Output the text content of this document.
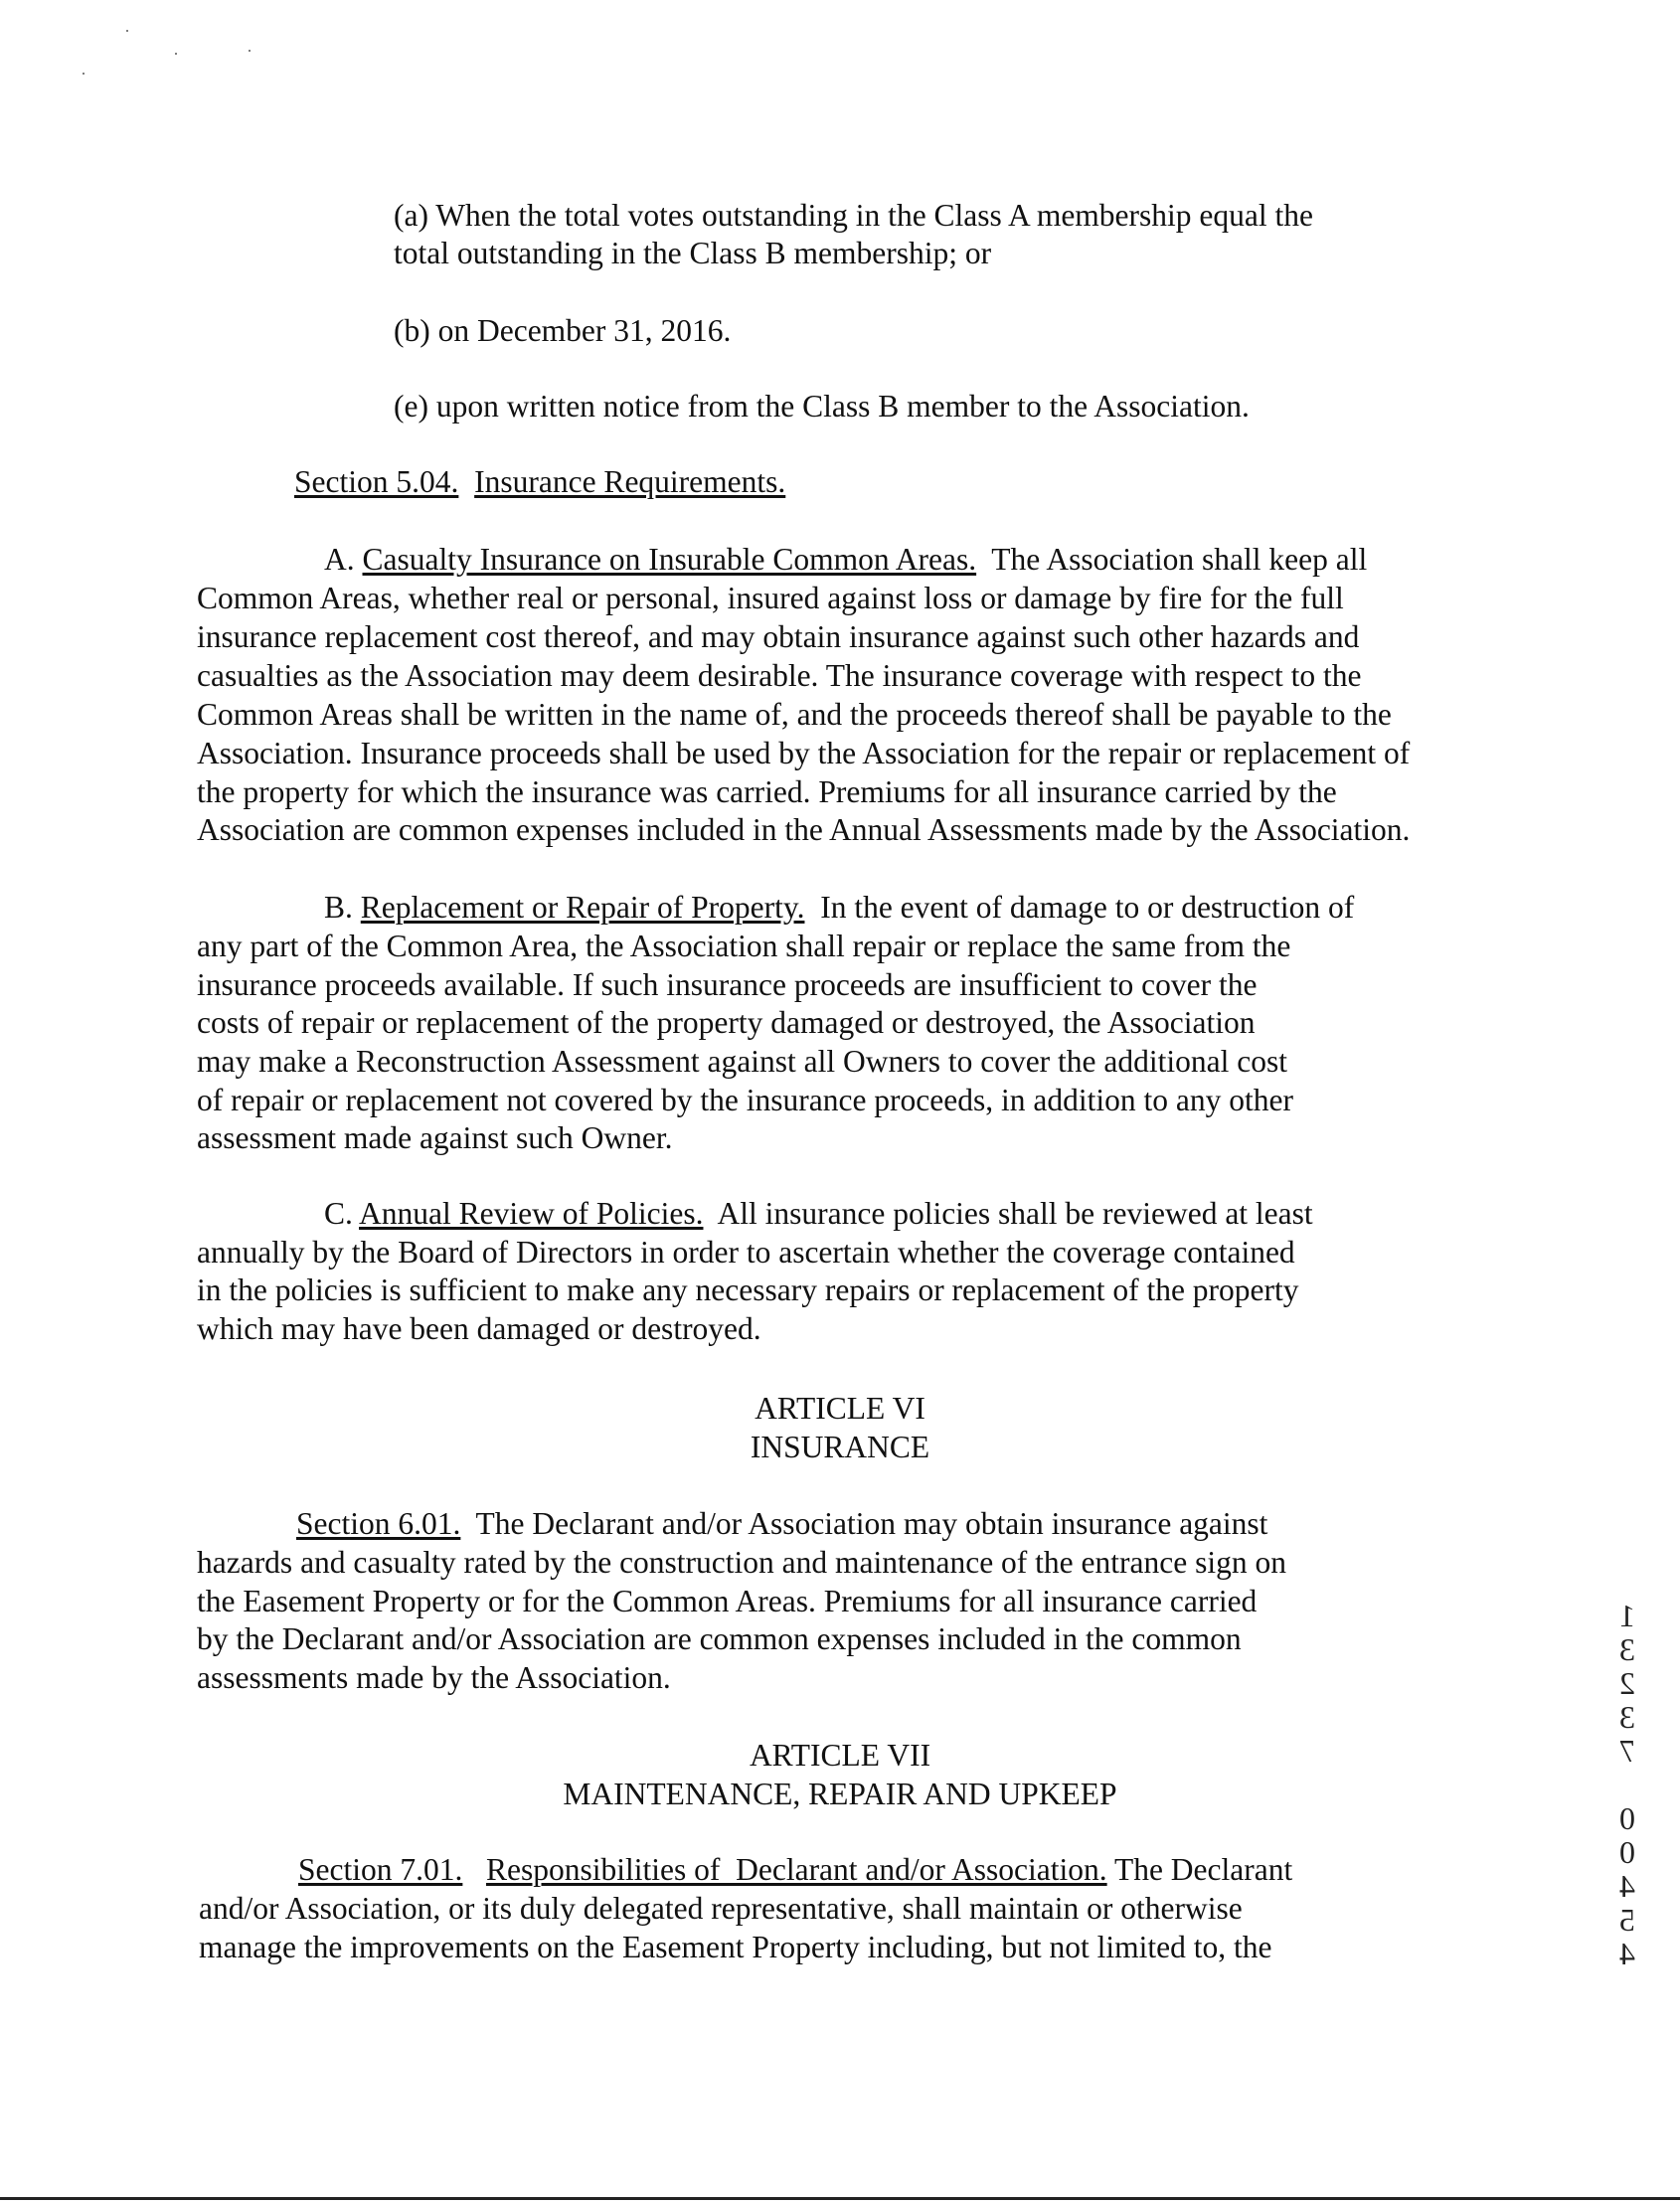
(a) When the total votes outstanding in the Class A membership equal the
total outstanding in the Class B membership; or
(b) on December 31, 2016.
(e) upon written notice from the Class B member to the Association.
Section 5.04. Insurance Requirements.
A. Casualty Insurance on Insurable Common Areas.  The Association shall keep all
Common Areas, whether real or personal, insured against loss or damage by fire for the full
insurance replacement cost thereof, and may obtain insurance against such other hazards and
casualties as the Association may deem desirable. The insurance coverage with respect to the
Common Areas shall be written in the name of, and the proceeds thereof shall be payable to the
Association. Insurance proceeds shall be used by the Association for the repair or replacement of
the property for which the insurance was carried. Premiums for all insurance carried by the
Association are common expenses included in the Annual Assessments made by the Association.
B. Replacement or Repair of Property.  In the event of damage to or destruction of
any part of the Common Area, the Association shall repair or replace the same from the
insurance proceeds available. If such insurance proceeds are insufficient to cover the
costs of repair or replacement of the property damaged or destroyed, the Association
may make a Reconstruction Assessment against all Owners to cover the additional cost
of repair or replacement not covered by the insurance proceeds, in addition to any other
assessment made against such Owner.
C. Annual Review of Policies.  All insurance policies shall be reviewed at least
annually by the Board of Directors in order to ascertain whether the coverage contained
in the policies is sufficient to make any necessary repairs or replacement of the property
which may have been damaged or destroyed.
ARTICLE VI
INSURANCE
Section 6.01.  The Declarant and/or Association may obtain insurance against
hazards and casualty rated by the construction and maintenance of the entrance sign on
the Easement Property or for the Common Areas. Premiums for all insurance carried
by the Declarant and/or Association are common expenses included in the common
assessments made by the Association.
ARTICLE VII
MAINTENANCE, REPAIR AND UPKEEP
Section 7.01. Responsibilities of  Declarant and/or Association. The Declarant
and/or Association, or its duly delegated representative, shall maintain or otherwise
manage the improvements on the Easement Property including, but not limited to, the
1
3
2
3
7

0
0
4
5
4
